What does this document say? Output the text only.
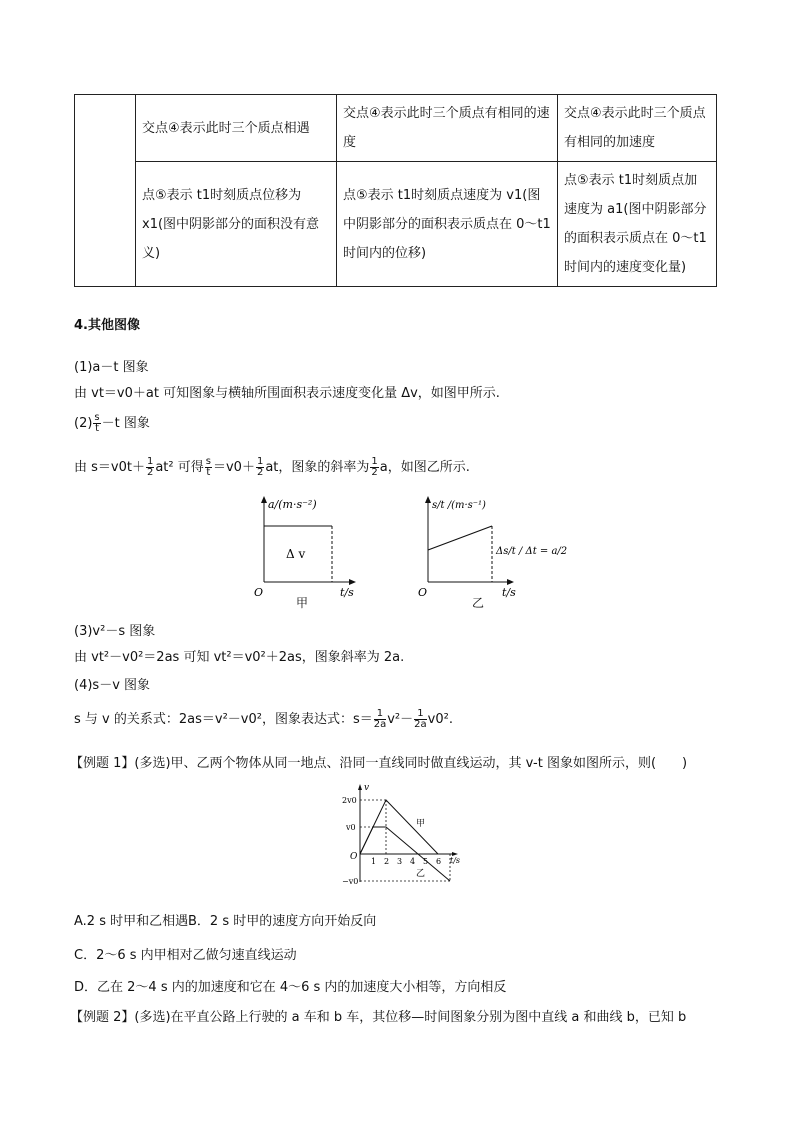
	交点④表示此时三个质点相遇	交点④表示此时三个质点有相同的速度	交点④表示此时三个质点有相同的加速度
	点⑤表示 t1时刻质点位移为x1(图中阴影部分的面积没有意义)	点⑤表示 t1时刻质点速度为 v1(图中阴影部分的面积表示质点在 0～t1时间内的位移)	点⑤表示 t1时刻质点加速度为 a1(图中阴影部分的面积表示质点在 0～t1时间内的速度变化量)
4.其他图像
(1)a－t 图象
由 vt＝v0＋at 可知图象与横轴所围面积表示速度变化量 Δv，如图甲所示.
$(2) \frac{s}{t} -t$ 图象
由 $s=v0t+ \frac{1}{2} at^2$ 可得 $\frac{s}{t} =v0+ \frac{1}{2}$ at，图象的斜率为 $\frac{1}{2}$ a，如图乙所示.
a/(m·s⁻²)
O	t/s
Δ v
甲
O	t/s
s/t /(m·s⁻¹)
Δs/t / Δt = a/2
乙
(3)v²－s 图象
由 vt²－v0²＝2as 可知 vt²＝v0²＋2as，图象斜率为 2a.
(4)s－v 图象
s 与 v 的关系式：2as＝v²－v0²，图象表达式：$s= \frac{1}{2a} v^2- \frac{1}{2a} v0^2$.
【例题 1】(多选)甲、乙两个物体从同一地点、沿同一直线同时做直线运动，其 v-t 图象如图所示，则(　　)
v
2v0
v0
−v0
O 1 2 3 4 5 6 t/s
甲
乙
A.2 s 时甲和乙相遇
C．2～6 s 内甲相对乙做匀速直线运动
D．乙在 2～4 s 内的加速度和它在 4～6 s 内的加速度大小相等，方向相反
B．2 s 时甲的速度方向开始反向
【例题 2】(多选)在平直公路上行驶的 a 车和 b 车，其位移—时间图象分别为图中直线 a 和曲线 b，已知 b
